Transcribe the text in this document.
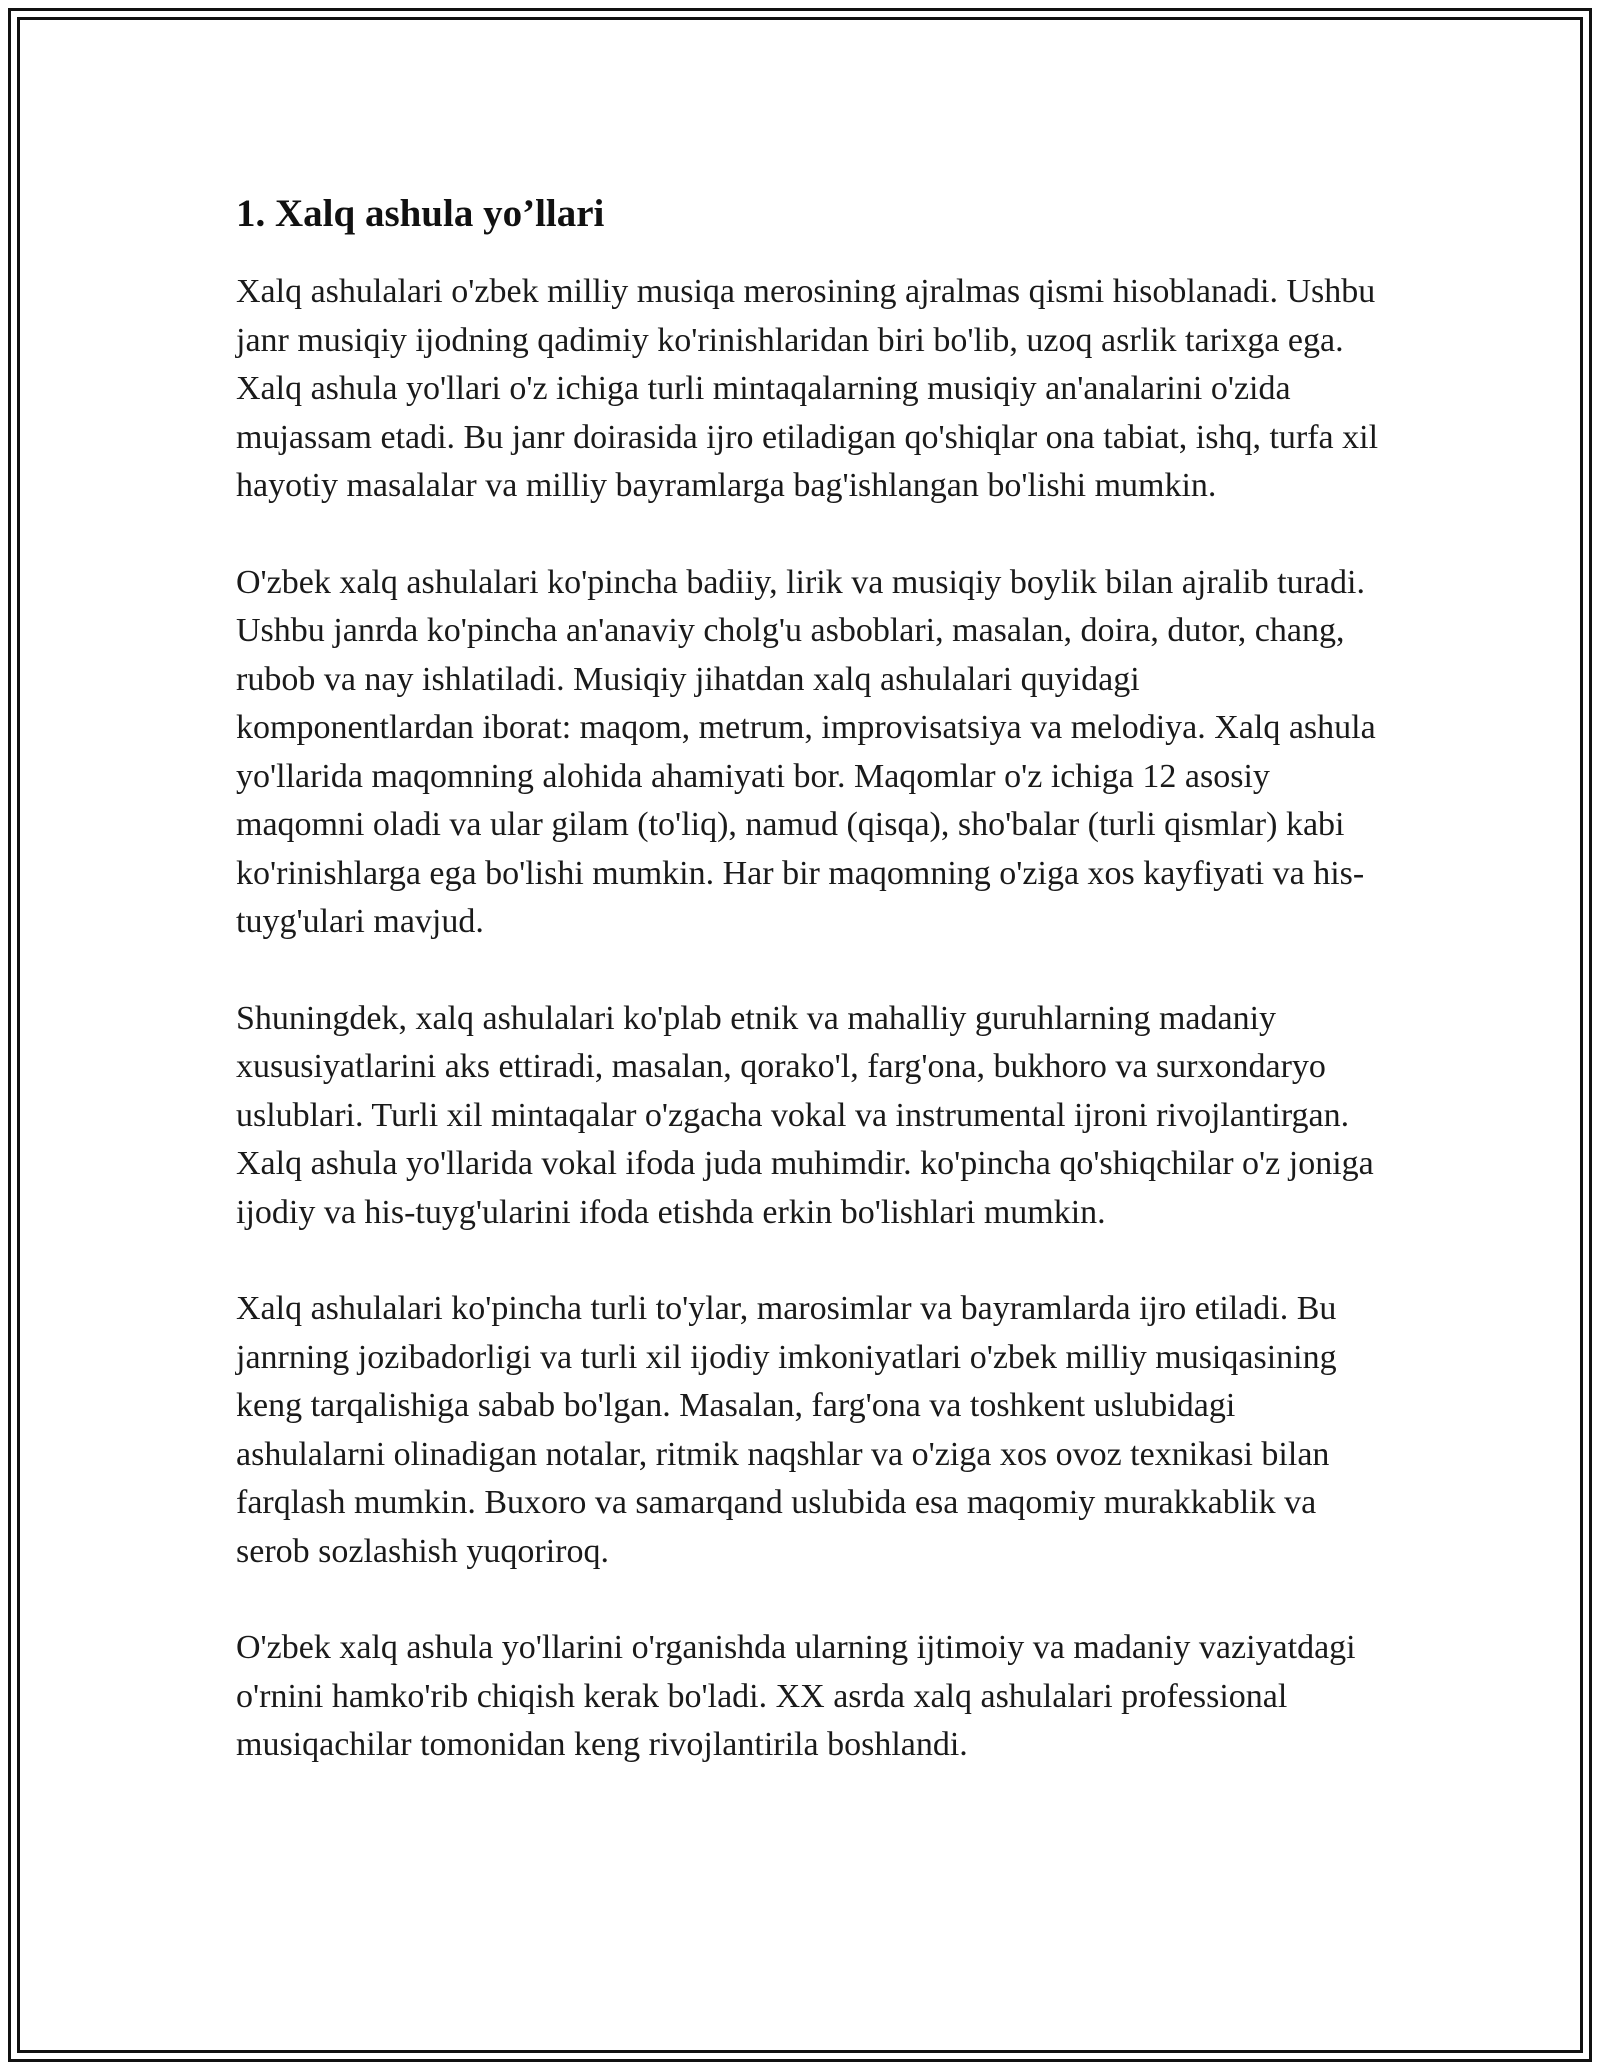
1. Xalq ashula yo’llari

Xalq ashulalari o'zbek milliy musiqa merosining ajralmas qismi hisoblanadi. Ushbu janr musiqiy ijodning qadimiy ko'rinishlaridan biri bo'lib, uzoq asrlik tarixga ega. Xalq ashula yo'llari o'z ichiga turli mintaqalarning musiqiy an'analarini o'zida mujassam etadi. Bu janr doirasida ijro etiladigan qo'shiqlar ona tabiat, ishq, turfa xil hayotiy masalalar va milliy bayramlarga bag'ishlangan bo'lishi mumkin.

O'zbek xalq ashulalari ko'pincha badiiy, lirik va musiqiy boylik bilan ajralib turadi. Ushbu janrda ko'pincha an'anaviy cholg'u asboblari, masalan, doira, dutor, chang, rubob va nay ishlatiladi. Musiqiy jihatdan xalq ashulalari quyidagi komponentlardan iborat: maqom, metrum, improvisatsiya va melodiya. Xalq ashula yo'llarida maqomning alohida ahamiyati bor. Maqomlar o'z ichiga 12 asosiy maqomni oladi va ular gilam (to'liq), namud (qisqa), sho'balar (turli qismlar) kabi ko'rinishlarga ega bo'lishi mumkin. Har bir maqomning o'ziga xos kayfiyati va his-tuyg'ulari mavjud.

Shuningdek, xalq ashulalari ko'plab etnik va mahalliy guruhlarning madaniy xususiyatlarini aks ettiradi, masalan, qorako'l, farg'ona, bukhoro va surxondaryo uslublari. Turli xil mintaqalar o'zgacha vokal va instrumental ijroni rivojlantirgan. Xalq ashula yo'llarida vokal ifoda juda muhimdir. ko'pincha qo'shiqchilar o'z joniga ijodiy va his-tuyg'ularini ifoda etishda erkin bo'lishlari mumkin.

Xalq ashulalari ko'pincha turli to'ylar, marosimlar va bayramlarda ijro etiladi. Bu janrning jozibadorligi va turli xil ijodiy imkoniyatlari o'zbek milliy musiqasining keng tarqalishiga sabab bo'lgan. Masalan, farg'ona va toshkent uslubidagi ashulalarni olinadigan notalar, ritmik naqshlar va o'ziga xos ovoz texnikasi bilan farqlash mumkin. Buxoro va samarqand uslubida esa maqomiy murakkablik va serob sozlashish yuqoriroq.

O'zbek xalq ashula yo'llarini o'rganishda ularning ijtimoiy va madaniy vaziyatdagi o'rnini hamko'rib chiqish kerak bo'ladi. XX asrda xalq ashulalari professional musiqachilar tomonidan keng rivojlantirila boshlandi.
